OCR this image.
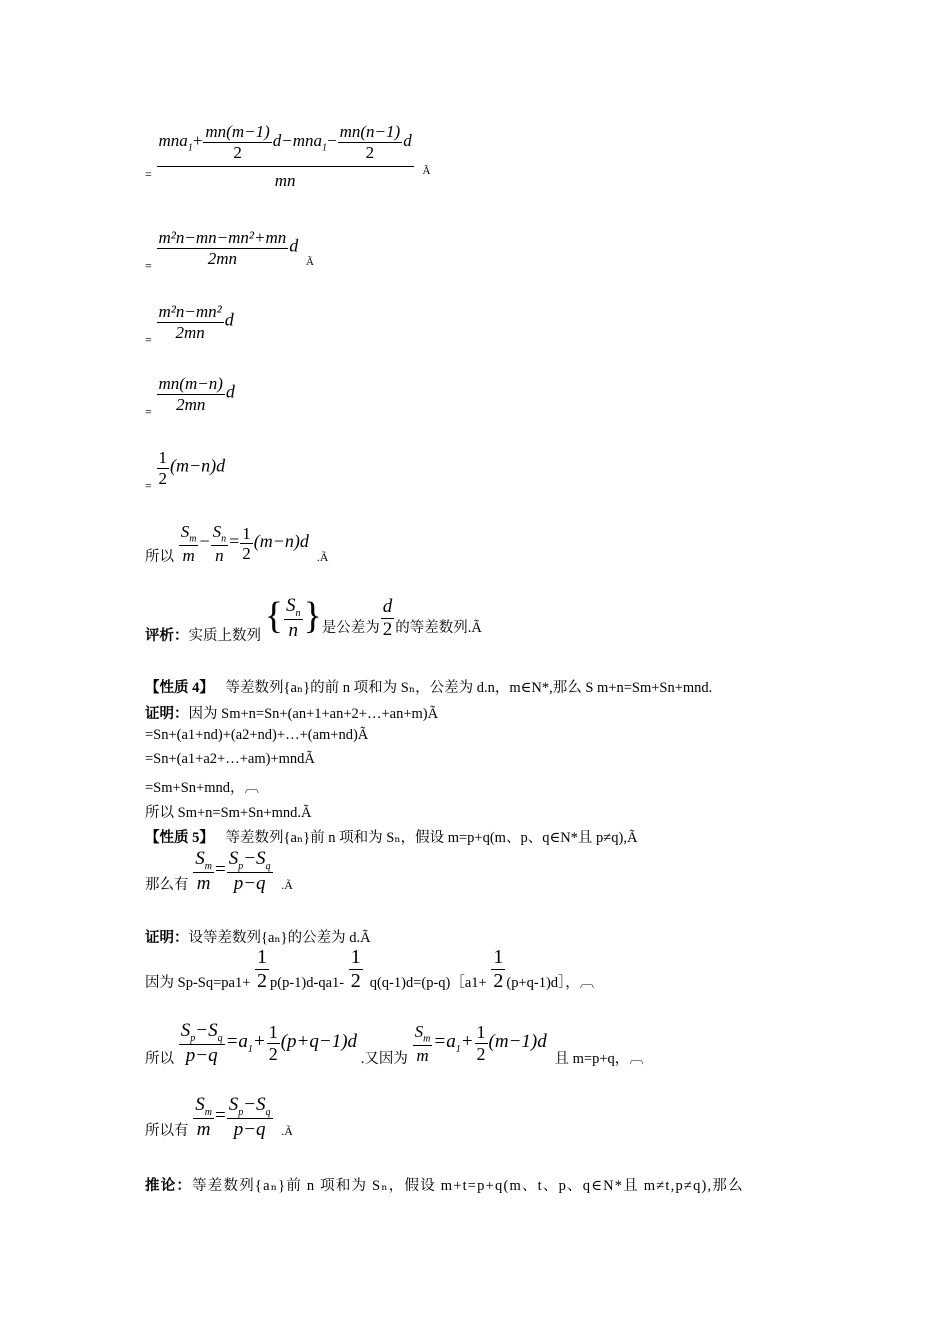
$_= \frac{mna_1+ \frac{mn(m-1)}{2} d-mna_1- \frac{mn(n-1)}{2} d}{mn} _Ã$
$_= \frac{\text{m²n−mn−mn²+mn}}{2mn}$ d $_Ã$
$_= \frac{\text{m²n−mn²}}{2mn}$ d
$_= \frac{mn(m-n)}{2mn}$ d
$_= \frac{1}{2} (m-n)d$
所以 $\frac{S_m}{m} - \frac{S_n}{n} = \frac{1}{2} (m-n)d$ $_{.Ã}$
评析：实质上数列 { $\frac{S_n}{n}$ }是公差为 $\frac{d}{2}$ 的等差数列.Ã
【性质 4】 等差数列{aₙ}的前 n 项和为 Sₙ，公差为 d.n，m∈N*,那么 S m+n=Sm+Sn+mnd.
证明：因为 Sm+n=Sn+(an+1+an+2+…+an+m)Ã
=Sn+(a1+nd)+(a2+nd)+…+(am+nd)Ã
=Sn+(a1+a2+…+am)+mndÃ
=Sm+Sn+mnd，︹
所以 Sm+n=Sm+Sn+mnd.Ã
【性质 5】 等差数列{aₙ}前 n 项和为 Sₙ，假设 m=p+q(m、p、q∈N*且 p≠q),Ã
那么有 $\frac{S_m}{m} = \frac{S_p-S_q}{p-q} _{.Ã}$
证明：设等差数列{aₙ}的公差为 d.Ã
因为 $Sp-Sq=pa1+ \frac{1}{2} p(p-1)d-qa1- \frac{1}{2}$ q(q-1)d=(p-q)［a1+ $\frac{1}{2}$ (p+q-1)d］，︹
所以 $\frac{S_p-S_q}{p-q} =a_1+ \frac{1}{2} (p+q-1)d$ .又因为 $\frac{S_m}{m} =a_1+ \frac{1}{2} (m-1)d$ 且 m=p+q，︹
所以有 $\frac{S_m}{m} = \frac{S_p-S_q}{p-q} _{.Ã}$
推论：等差数列{aₙ}前 n 项和为 Sₙ，假设 m+t=p+q(m、t、p、q∈N*且 m≠t,p≠q),那么
